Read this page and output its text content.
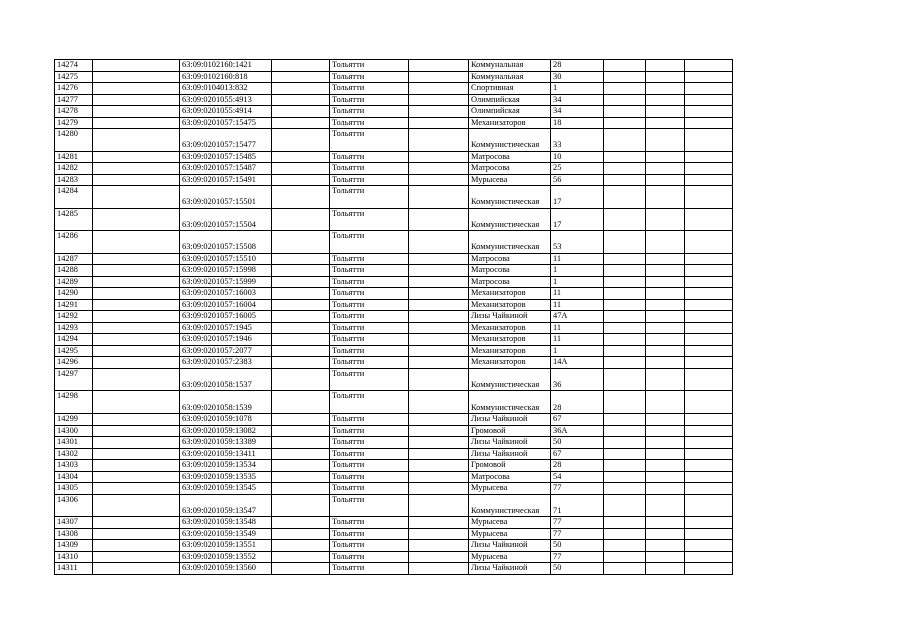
14274		63:09:0102160:1421		Тольятти		Коммунальная	28			
14275		63:09:0102160:818		Тольятти		Коммунальная	30			
14276		63:09:0104013:832		Тольятти		Спортивная	1			
14277		63:09:0201055:4913		Тольятти		Олимпийская	34			
14278		63:09:0201055:4914		Тольятти		Олимпийская	34			
14279		63:09:0201057:15475		Тольятти		Механизаторов	18			
14280		63:09:0201057:15477		Тольятти		Коммунистическая	33			
14281		63:09:0201057:15485		Тольятти		Матросова	10			
14282		63:09:0201057:15487		Тольятти		Матросова	25			
14283		63:09:0201057:15491		Тольятти		Мурысева	56			
14284		63:09:0201057:15501		Тольятти		Коммунистическая	17			
14285		63:09:0201057:15504		Тольятти		Коммунистическая	17			
14286		63:09:0201057:15508		Тольятти		Коммунистическая	53			
14287		63:09:0201057:15510		Тольятти		Матросова	11			
14288		63:09:0201057:15998		Тольятти		Матросова	1			
14289		63:09:0201057:15999		Тольятти		Матросова	1			
14290		63:09:0201057:16003		Тольятти		Механизаторов	11			
14291		63:09:0201057:16004		Тольятти		Механизаторов	11			
14292		63:09:0201057:16005		Тольятти		Лизы Чайкиной	47А			
14293		63:09:0201057:1945		Тольятти		Механизаторов	11			
14294		63:09:0201057:1946		Тольятти		Механизаторов	11			
14295		63:09:0201057:2077		Тольятти		Механизаторов	1			
14296		63:09:0201057:2383		Тольятти		Механизаторов	14А			
14297		63:09:0201058:1537		Тольятти		Коммунистическая	36			
14298		63:09:0201058:1539		Тольятти		Коммунистическая	28			
14299		63:09:0201059:1078		Тольятти		Лизы Чайкиной	67			
14300		63:09:0201059:13082		Тольятти		Громовой	36А			
14301		63:09:0201059:13389		Тольятти		Лизы Чайкиной	50			
14302		63:09:0201059:13411		Тольятти		Лизы Чайкиной	67			
14303		63:09:0201059:13534		Тольятти		Громовой	28			
14304		63:09:0201059:13535		Тольятти		Матросова	54			
14305		63:09:0201059:13545		Тольятти		Мурысева	77			
14306		63:09:0201059:13547		Тольятти		Коммунистическая	71			
14307		63:09:0201059:13548		Тольятти		Мурысева	77			
14308		63:09:0201059:13549		Тольятти		Мурысева	77			
14309		63:09:0201059:13551		Тольятти		Лизы Чайкиной	50			
14310		63:09:0201059:13552		Тольятти		Мурысева	77			
14311		63:09:0201059:13560		Тольятти		Лизы Чайкиной	50			
